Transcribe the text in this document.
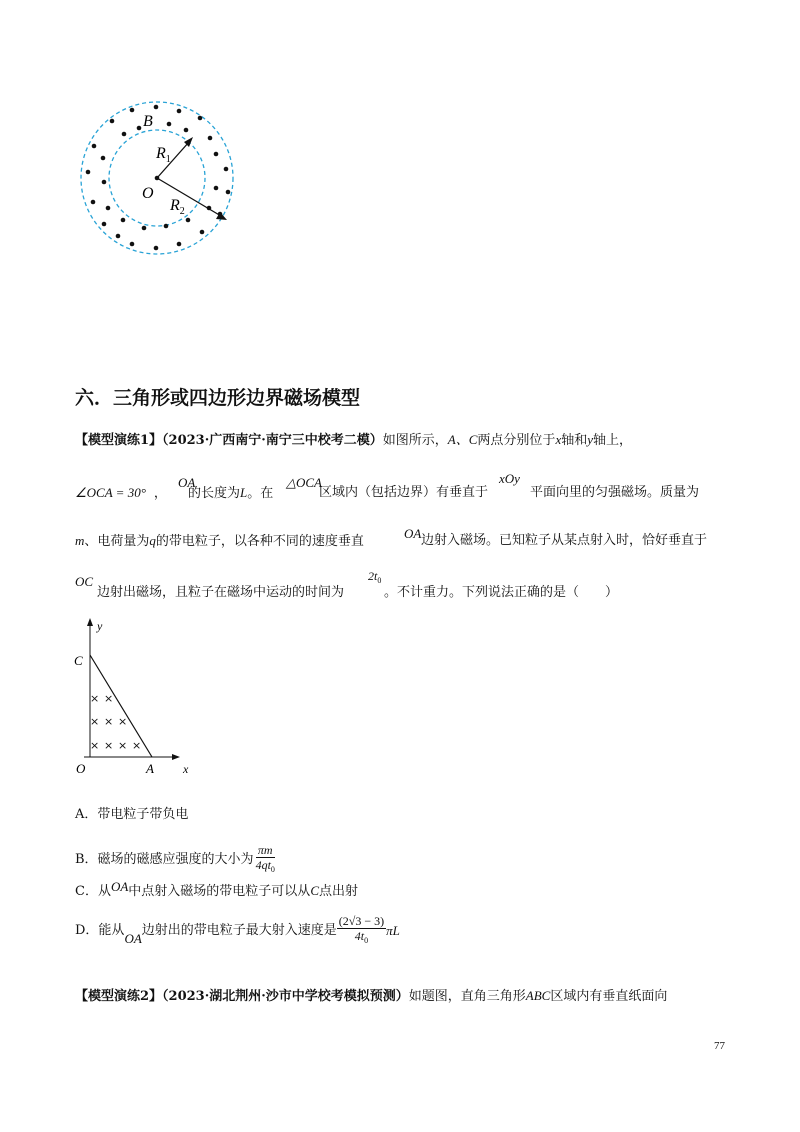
B
$R_1$
O
$R_2$
六．三角形或四边形边界磁场模型
【模型演练1】（2023·广西南宁·南宁三中校考二模）如图所示，A、C两点分别位于x轴和y轴上，
∠OCA = 30° ，
OA
的长度为L。在
△OCA
区域内（包括边界）有垂直于
xOy
平面向里的匀强磁场。质量为
m、电荷量为q的带电粒子，以各种不同的速度垂直
OA 边射入磁场。已知粒子从某点射入时，恰好垂直于
OC
边射出磁场，且粒子在磁场中运动的时间为
$2t_0$
。不计重力。下列说法正确的是（　　）
×
×
×
× ×
× × × ×
y
C
O	A x
A．带电粒子带负电
B．磁场的磁感应强度的大小为 $\frac{\pi m}{4qt_0}$
C．从OA中点射入磁场的带电粒子可以从C点出射
D．能从
OA
边射出的带电粒子最大射入速度是 $\frac{(2√3 - 3)}{4t_0}$ πL
【模型演练2】（2023·湖北荆州·沙市中学校考模拟预测）如题图，直角三角形ABC区域内有垂直纸面向
77
